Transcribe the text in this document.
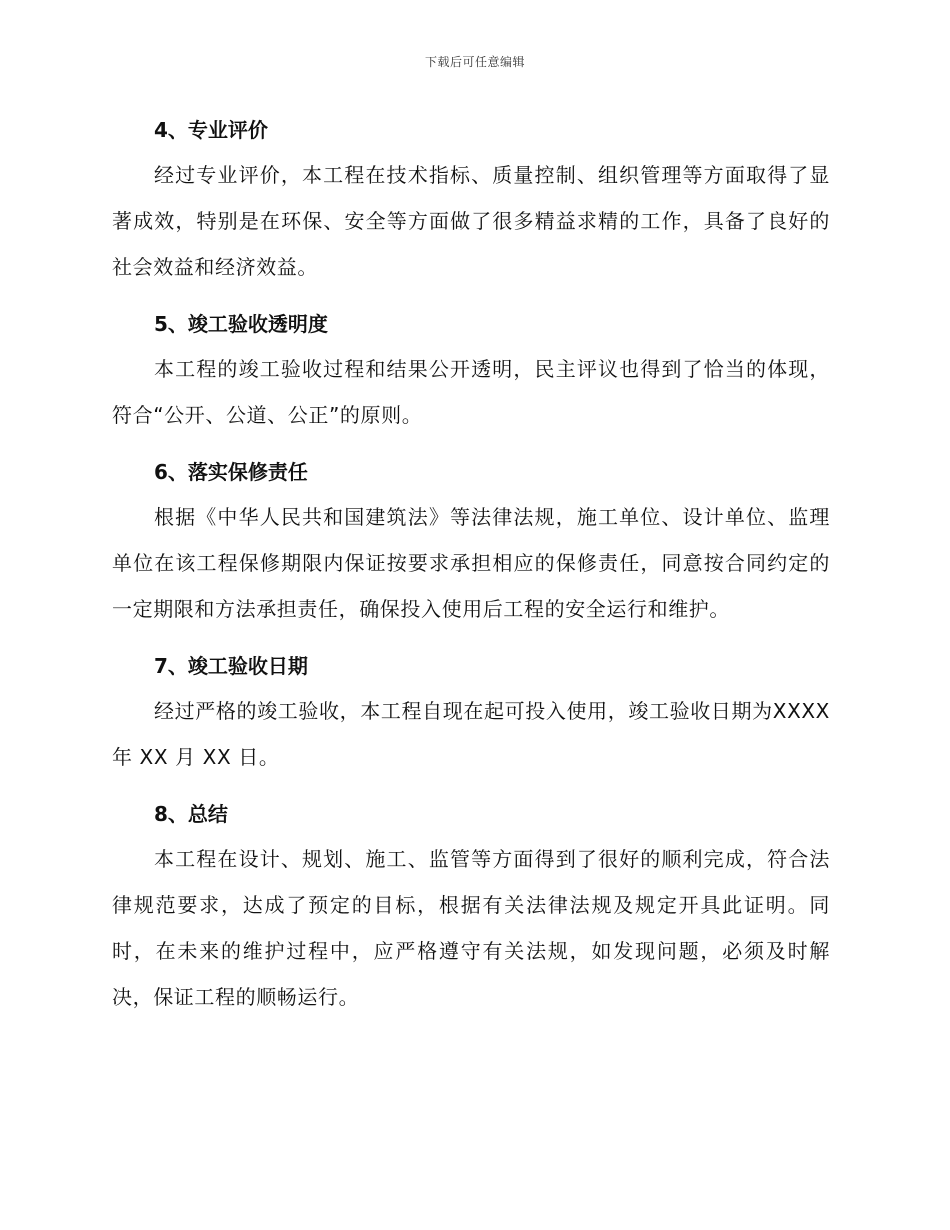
下载后可任意编辑
4、专业评价

经过专业评价，本工程在技术指标、质量控制、组织管理等方面取得了显著成效，特别是在环保、安全等方面做了很多精益求精的工作，具备了良好的社会效益和经济效益。

5、竣工验收透明度

本工程的竣工验收过程和结果公开透明，民主评议也得到了恰当的体现，符合“公开、公道、公正”的原则。

6、落实保修责任

根据《中华人民共和国建筑法》等法律法规，施工单位、设计单位、监理单位在该工程保修期限内保证按要求承担相应的保修责任，同意按合同约定的一定期限和方法承担责任，确保投入使用后工程的安全运行和维护。

7、竣工验收日期

经过严格的竣工验收，本工程自现在起可投入使用，竣工验收日期为XXXX 年 XX 月 XX 日。

8、总结

本工程在设计、规划、施工、监管等方面得到了很好的顺利完成，符合法律规范要求，达成了预定的目标，根据有关法律法规及规定开具此证明。同时，在未来的维护过程中，应严格遵守有关法规，如发现问题，必须及时解决，保证工程的顺畅运行。
